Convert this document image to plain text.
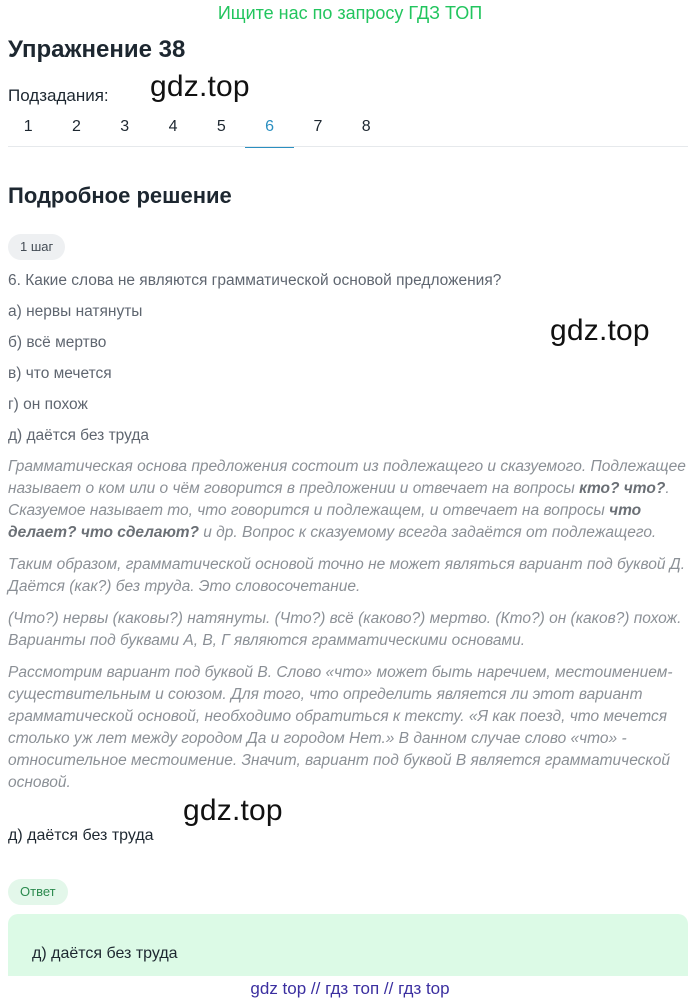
Ищите нас по запросу ГДЗ ТОП
Упражнение 38
Подзадания: gdz.top
gdz.top
gdz.top
1	2	3	4	5	6	7	8
Подробное решение
1 шаг

6. Какие слова не являются грамматической основой предложения?

а) нервы натянуты

б) всё мертво

в) что мечется

г) он похож

д) даётся без труда

Грамматическая основа предложения состоит из подлежащего и сказуемого. Подлежащее называет о ком или о чём говорится в предложении и отвечает на вопросы кто? что?. Сказуемое называет то, что говорится и подлежащем, и отвечает на вопросы что делает? что сделают? и др. Вопрос к сказуемому всегда задаётся от подлежащего.

Таким образом, грамматической основой точно не может являться вариант под буквой Д. Даётся (как?) без труда. Это словосочетание.

(Что?) нервы (каковы?) натянуты. (Что?) всё (каково?) мертво. (Кто?) он (каков?) похож. Варианты под буквами А, В, Г являются грамматическими основами.

Рассмотрим вариант под буквой В. Слово «что» может быть наречием, местоимением-существительным и союзом. Для того, что определить является ли этот вариант грамматической основой, необходимо обратиться к тексту. «Я как поезд, что мечется столько уж лет между городом Да и городом Нет.» В данном случае слово «что» - относительное местоимение. Значит, вариант под буквой В является грамматической основой.

д) даётся без труда
Ответ
д) даётся без труда
gdz top // гдз топ // гдз top
